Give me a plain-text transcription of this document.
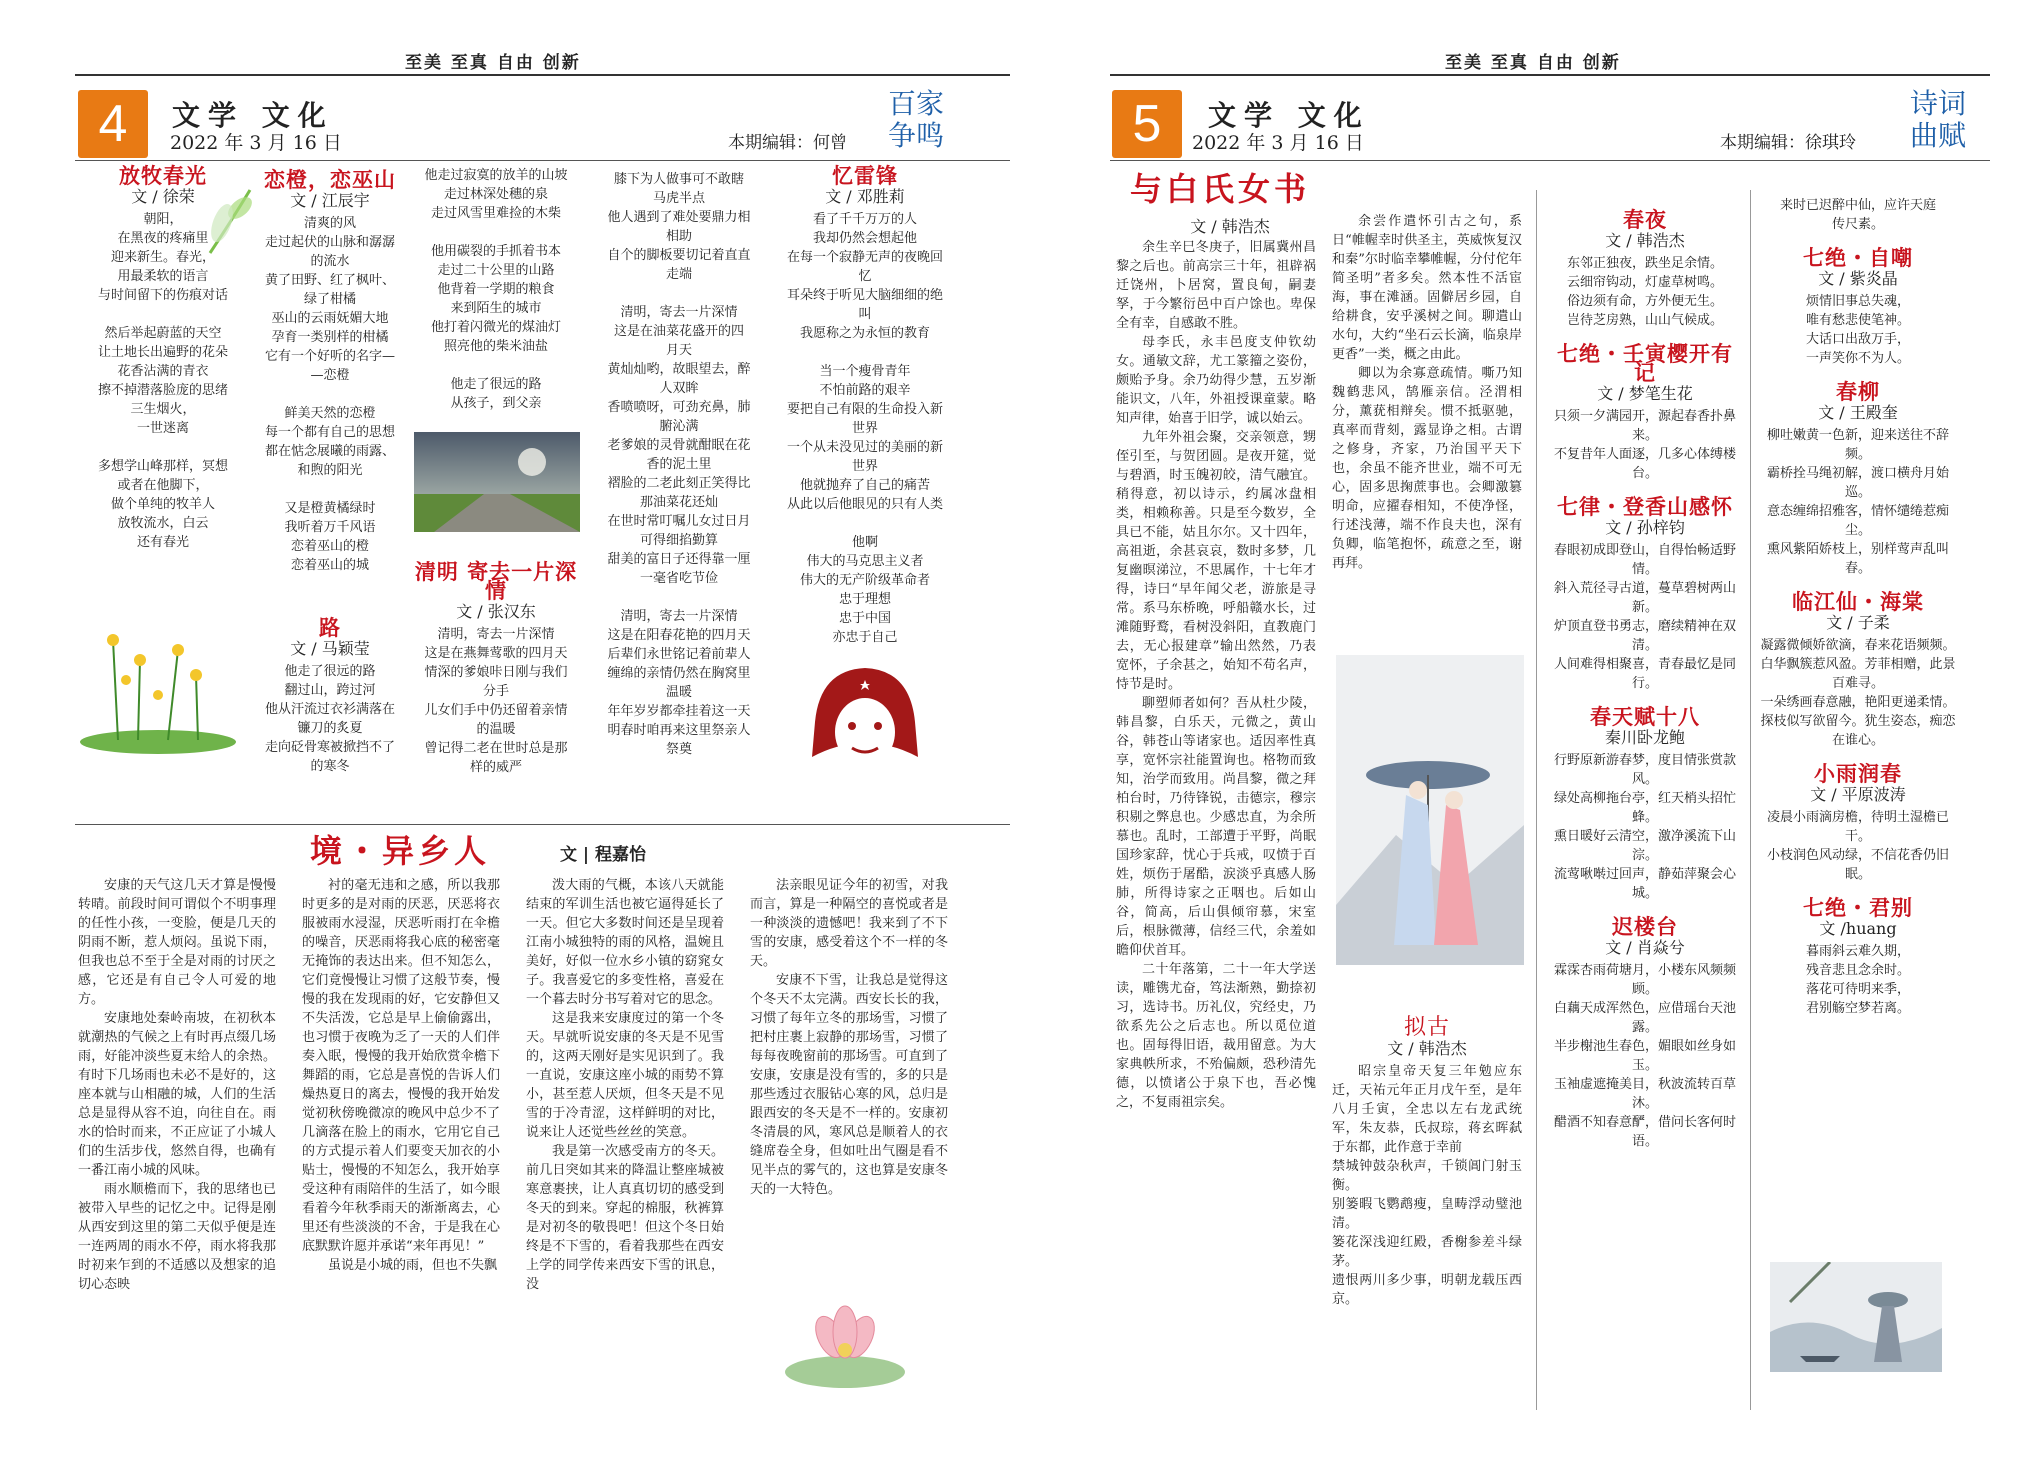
至美 至真 自由 创新
4	文学 文化
2022 年 3 月 16 日	本期编辑：何曾
百家
争鸣
放牧春光
文 / 徐荣
朝阳，
在黑夜的疼痛里
迎来新生。春光，
用最柔软的语言
与时间留下的伤痕对话

然后举起蔚蓝的天空
让土地长出遍野的花朵
花香沾满的青衣
擦不掉潜落脸庞的思绪
三生烟火，
一世迷离

多想学山峰那样，冥想
或者在他脚下，
做个单纯的牧羊人
放牧流水，白云
还有春光
恋橙，恋巫山
文 / 江辰宇
清爽的风
走过起伏的山脉和潺潺
的流水
黄了田野、红了枫叶、
绿了柑橘
巫山的云雨妩媚大地
孕育一类别样的柑橘
它有一个好听的名字—
—恋橙

鲜美天然的恋橙
每一个都有自己的思想
都在惦念展曦的雨露、
和煦的阳光

又是橙黄橘绿时
我听着万千风语
恋着巫山的橙
恋着巫山的城
路
文 / 马颖莹
他走了很远的路
翻过山，跨过河
他从汗流过衣衫满落在
镰刀的炙夏
走向砭骨寒被掀挡不了
的寒冬
他走过寂寞的放羊的山坡
走过林深处穗的泉
走过风雪里难捡的木柴

他用碳裂的手抓着书本
走过二十公里的山路
他背着一学期的粮食
来到陌生的城市
他打着闪微光的煤油灯
照亮他的柴米油盐

他走了很远的路
从孩子，到父亲
清明 寄去一片深情
文 / 张汉东
清明，寄去一片深情
这是在燕舞莺歌的四月天
情深的爹娘咔日刚与我们
分手
儿女们手中仍还留着亲情
的温暖
曾记得二老在世时总是那
样的威严
膝下为人做事可不敢瞎
马虎半点
他人遇到了难处要鼎力相
相助
自个的脚板要切记着直直
走端

清明，寄去一片深情
这是在油菜花盛开的四
月天
黄灿灿哟，故眼望去，醉
人双眸
香喷喷呀，可劲充鼻，肺
腑沁满
老爹娘的灵骨就酣眠在花
香的泥土里
褶脸的二老此刻正笑得比
那油菜花还灿
在世时常叮嘱儿女过日月
可得细掐勤算
甜美的富日子还得靠一厘
一毫省吃节俭

清明，寄去一片深情
这是在阳春花艳的四月天
后辈们永世铭记着前辈人
缠绵的亲情仍然在胸窝里
温暖
年年岁岁都牵挂着这一天
明春时咱再来这里祭亲人
祭奠
忆雷锋
文 / 邓胜莉
看了千千万万的人
我却仍然会想起他
在每一个寂静无声的夜晚回
忆
耳朵终于听见大脑细细的绝
叫
我愿称之为永恒的教育

当一个瘦骨青年
不怕前路的艰辛
要把自己有限的生命投入新
世界
一个从未没见过的美丽的新
世界
他就抛弃了自己的痛苦
从此以后他眼见的只有人类

他啊
伟大的马克思主义者
伟大的无产阶级革命者
忠于理想
忠于中国
亦忠于自己
境・异乡人	文 | 程嘉怡

安康的天气这几天才算是慢慢转晴。前段时间可谓似个不明事理的任性小孩，一变脸，便是几天的阴雨不断，惹人烦闷。虽说下雨，但我也总不至于全是对雨的讨厌之感，它还是有自己令人可爱的地方。

安康地处秦岭南坡，在初秋本就潮热的气候之上有时再点缀几场雨，好能冲淡些夏末给人的余热。有时下几场雨也未必不是好的，这座本就与山相融的城，人们的生活总是显得从容不迫，向往自在。雨水的恰时而来，不正应证了小城人们的生活步伐，悠然自得，也确有一番江南小城的风味。

雨水顺檐而下，我的思绪也已被带入早些的记忆之中。记得是刚从西安到这里的第二天似乎便是连一连两周的雨水不停，雨水将我那时初来乍到的不适感以及想家的追切心态映

衬的毫无违和之感，所以我那时更多的是对雨的厌恶，厌恶将衣服被雨水浸湿，厌恶听雨打在伞檐的噪音，厌恶雨将我心底的秘密毫无掩饰的表达出来。但不知怎么，它们竟慢慢让习惯了这般节奏，慢慢的我在发现雨的好，它安静但又不失活泼，它总是早上偷偷露出，也习惯于夜晚为乏了一天的人们伴奏入眠，慢慢的我开始欣赏伞檐下舞蹈的雨，它总是喜悦的告诉人们燥热夏日的离去，慢慢的我开始发觉初秋傍晚微凉的晚风中总少不了几滴落在脸上的雨水，它用它自己的方式提示着人们要变天加衣的小贴士，慢慢的不知怎么，我开始享受这种有雨陪伴的生活了，如今眼看着今年秋季雨天的渐渐离去，心里还有些淡淡的不舍，于是我在心底默默许愿并承诺“来年再见！”

虽说是小城的雨，但也不失飘

泼大雨的气概，本该八天就能结束的军训生活也被它逼得延长了一天。但它大多数时间还是呈现着江南小城独特的雨的风格，温婉且美好，好似一位水乡小镇的窈窕女子。我喜爱它的多变性格，喜爱在一个暮去时分书写着对它的思念。

这是我来安康度过的第一个冬天。早就听说安康的冬天是不见雪的，这两天刚好是实见识到了。我一直说，安康这座小城的雨势不算小，甚至惹人厌烦，但冬天是不见雪的于冷青涩，这样鲜明的对比，说来让人还觉些丝丝的笑意。

我是第一次感受南方的冬天。前几日突如其来的降温让整座城被寒意裹挟，让人真真切切的感受到冬天的到来。穿起的棉服，秋裤算是对初冬的敬畏吧！但这个冬日始终是不下雪的，看着我那些在西安上学的同学传来西安下雪的讯息，没

法亲眼见证今年的初雪，对我而言，算是一种隔空的喜悦或者是一种淡淡的遗憾吧！我来到了不下雪的安康，感受着这个不一样的冬天。

安康不下雪，让我总是觉得这个冬天不太完满。西安长长的我，习惯了每年立冬的那场雪，习惯了把村庄裹上寂静的那场雪，习惯了每每夜晚窗前的那场雪。可直到了安康，安康是没有雪的，多的只是那些透过衣服钻心寒的风，总归是跟西安的冬天是不一样的。安康初冬清晨的风，寒风总是顺着人的衣缝席卷全身，但如吐出气圈是看不见半点的雾气的，这也算是安康冬天的一大特色。

至美 至真 自由 创新
5	文学 文化
2022 年 3 月 16 日	本期编辑：徐琪玲
诗词
曲赋
与白氏女书
文 / 韩浩杰

余生辛巳冬庚子，旧属冀州昌黎之后也。前高宗三十年，祖辟祸迁饶州，卜居窝，置良甸，嗣妻孥，于今繁衍邑中百户馀也。卑保全有幸，自感敢不胜。

母李氏，永丰邑度支仲钦幼女。通敏文辞，尤工篆籀之姿份，颇贻予身。余乃幼得少慧，五岁渐能识文，八年，外祖授课童蒙。略知声律，始喜于旧学，诚以始云。

九年外祖会聚，交亲领意，甥侄引至，与贺团圆。是夜开筵，觉与碧酒，时玉魄初皎，清气融宜。稍得意，初以诗示，约属冰盘相类，相赖称善。只是至今数岁，全具已不能，姑且尔尔。又十四年，高祖逝，余甚哀哀，数时多梦，几复幽暝涕泣，不思属作，十七年才得，诗曰“早年闻父老，游旅是寻常。系马东桥晚，呼船赣水长，过滩随野鹜，看树没斜阳，直教鹿门去，无心报建章”输出然然，乃表宽怀，子余甚之，始知不苟名声，恃节是时。

聊塑师者如何？吾从杜少陵，韩昌黎，白乐天，元微之，黄山谷，韩苍山等诸家也。适因率性真享，宽怀宗社能置询也。格物而致知，治学而致用。尚昌黎，微之拜柏台时，乃待锋锐，击德宗，穆宗积剔之弊息也。少感忠直，为余所慕也。乱时，工部遭于平野，尚眠国珍家辞，忧心于兵戒，叹愤于百姓，烦伤于屠酷，涙淡乎真感人肠肺，所得诗家之正咽也。后如山谷，简高，后山俱倾帘慕，宋室后，根脉微薄，信经三代，余羞如瞻仰伏首耳。

二十年落第，二十一年大学送读，雕镌尤奋，笃法渐熟，勤捺初习，选诗书。历礼仪，究经史，乃欲系先公之后志也。所以觅位道也。固每得旧语，裁用留意。为大家典帙所求，不殆偏颇，恐秒清先德，以愤诸公于泉下也，吾必愧之，不复雨祖宗矣。

余尝作遣怀引古之句，系日“帷幄幸时供圣主，英威恢复汉和秦”尔时临幸攀帷幄，分付佗年简圣明”者多矣。然本性不活宦海，事在滩涵。固僻居乡园，自给耕食，安乎溪树之间。聊遣山水句，大约“坐石云长滴，临泉岸更香”一类，概之由此。

卿以为余寡意疏情。嘶乃知魏鹤悲风，鹄雁亲信。泾渭相分，薰莸相辩矣。惯不抵驱驰，真率而背刻，露显诤之相。古谓之修身，齐家，乃治国平天下也，余虽不能齐世业，端不可无心，固多思掬蔗事也。会卿激篡明命，应擢春相知，不使净怪，行述浅薄，端不作良夫也，深有负卿，临笔抱怀，疏意之至，谢再拜。

拟古
文 / 韩浩杰

昭宗皇帝天复三年勉应东迁，天祐元年正月戊午至，是年八月壬寅，全忠以左右龙武统军，朱友恭，氏叔琮，蒋玄晖弑于东都，此作意于幸前

禁城钟鼓杂秋声，千锁阊门射玉衡。

别篓暇飞鹦鹉瘦，皇畴浮动璧池清。

篓花深浅迎红殿，香榭参差斗绿茅。

遗恨两川多少事，明朝龙载压西京。

春夜
文 / 韩浩杰
东邻正独夜，跌坐足余情。
云细帘钩动，灯虚草树鸣。
俗边须有命，方外便无生。
岂待芝房熟，山山气候成。
七绝・壬寅樱开有记
文 / 梦笔生花
只须一夕满园开，源起春香扑鼻来。
不复昔年人面逐，几多心体缚楼台。
七律・登香山感怀
文 / 孙梓钧
春眼初成即登山，自得怡畅适野情。
斜入荒径寻古道，蔓草碧树两山新。
炉顶直登书勇志，磨续精神在双清。
人间难得相聚喜，青春最忆是同行。
春天赋十八
秦川卧龙鲍
行野原新游春梦，度目情张赏款风。
绿处高柳拖台亭，红天梢头招忙蜂。
熏日暖好云清空，激净溪流下山淙。
流莺啾啭过回声，静茹萍聚会心城。
迟楼台
文 / 肖焱兮
霖霂杏雨荷塘月，小楼东风频频顾。
白藕天成浑然色，应借瑶台天池露。
半步榭池生春色，媚眼如丝身如玉。
玉袖虚遮掩美目，秋波流转百草沐。
醋酒不知春意酽，借问长客何时语。
来时已迟醉中仙，应许天庭
传尺素。
七绝・自嘲
文 / 紫炎晶
烦情旧事总失魂，
唯有愁悲使笔神。
大话口出敌万手，
一声笑你不为人。
春柳
文 / 王殿奎
柳吐嫩黄一色新，迎来送往不辞频。
霸桥拴马绳初解，渡口横舟月始巡。
意态缠绵招雅客，情怀缱绻惹痴尘。
熏风紫陌娇枝上，别样莺声乱叫春。
临江仙・海棠
文 / 子柔
凝露微倾娇欲滴，春来花语频频。
白华飘簇惹风盈。芳菲相赠，此景百难寻。
一朵绣画春意融，艳阳更递柔情。
探枝似写欲留今。犹生姿态，痴恋在谁心。
小雨润春
文 / 平原波涛
凌晨小雨滴房檐，待明土湿檐已干。
小枝润色风动绿，不信花香仍旧眠。
七绝・君别
文 /huang
暮雨斜云难久期，
残音悲且念余时。
落花可待明来季，
君别觞空梦若离。
